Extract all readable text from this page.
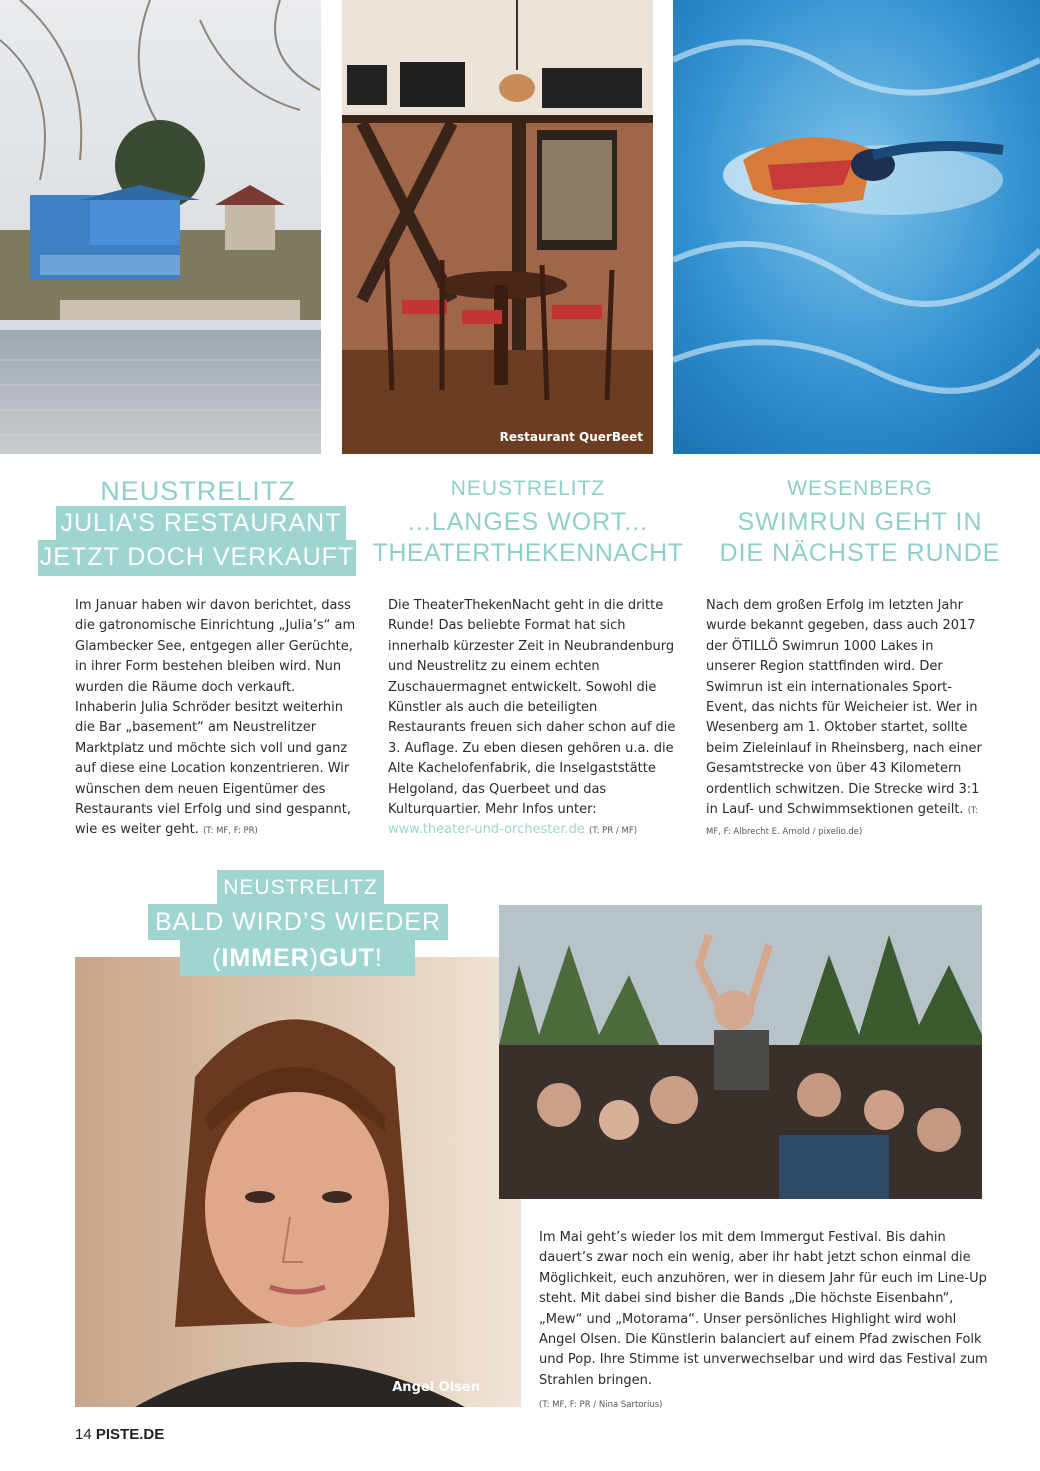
Restaurant QuerBeet
NEUSTRELITZ
JULIA’S RESTAURANT
JETZT DOCH VERKAUFT
Im Januar haben wir davon berichtet, dass die gatronomische Einrichtung „Julia’s“ am Glambecker See, entgegen aller Gerüchte, in ihrer Form bestehen bleiben wird. Nun wurden die Räume doch verkauft. Inhaberin Julia Schröder besitzt weiterhin die Bar „basement“ am Neustrelitzer Marktplatz und möchte sich voll und ganz auf diese eine Location konzentrieren. Wir wünschen dem neuen Eigentümer des Restaurants viel Erfolg und sind gespannt, wie es weiter geht. (T: MF, F: PR)
NEUSTRELITZ
...LANGES WORT...
THEATERTHEKENNACHT
Die TheaterThekenNacht geht in die dritte Runde! Das beliebte Format hat sich innerhalb kürzester Zeit in Neubrandenburg und Neustrelitz zu einem echten Zuschauermagnet entwickelt. Sowohl die Künstler als auch die beteiligten Restaurants freuen sich daher schon auf die 3. Auflage. Zu eben diesen gehören u.a. die Alte Kachelofenfabrik, die Inselgaststätte Helgoland, das Querbeet und das Kulturquartier. Mehr Infos unter: www.theater-und-orchester.de (T: PR / MF)
WESENBERG
SWIMRUN GEHT IN
DIE NÄCHSTE RUNDE
Nach dem großen Erfolg im letzten Jahr wurde bekannt gegeben, dass auch 2017 der ÖTILLÖ Swimrun 1000 Lakes in unserer Region stattfinden wird. Der Swimrun ist ein internationales Sport-Event, das nichts für Weicheier ist. Wer in Wesenberg am 1. Oktober startet, sollte beim Zieleinlauf in Rheinsberg, nach einer Gesamtstrecke von über 43 Kilometern ordentlich schwitzen. Die Strecke wird 3:1 in Lauf- und Schwimmsektionen geteilt. (T: MF, F: Albrecht E. Arnold / pixelio.de)
Angel Olsen
NEUSTRELITZ
BALD WIRD’S WIEDER
(IMMER)GUT!
Im Mai geht’s wieder los mit dem Immergut Festival. Bis dahin dauert’s zwar noch ein wenig, aber ihr habt jetzt schon einmal die Möglichkeit, euch anzuhören, wer in diesem Jahr für euch im Line-Up steht. Mit dabei sind bisher die Bands „Die höchste Eisenbahn“, „Mew“ und „Motorama“. Unser persönliches Highlight wird wohl Angel Olsen. Die Künstlerin balanciert auf einem Pfad zwischen Folk und Pop. Ihre Stimme ist unverwechselbar und wird das Festival zum Strahlen bringen.
(T: MF, F: PR / Nina Sartorius)
14 PISTE.DE
